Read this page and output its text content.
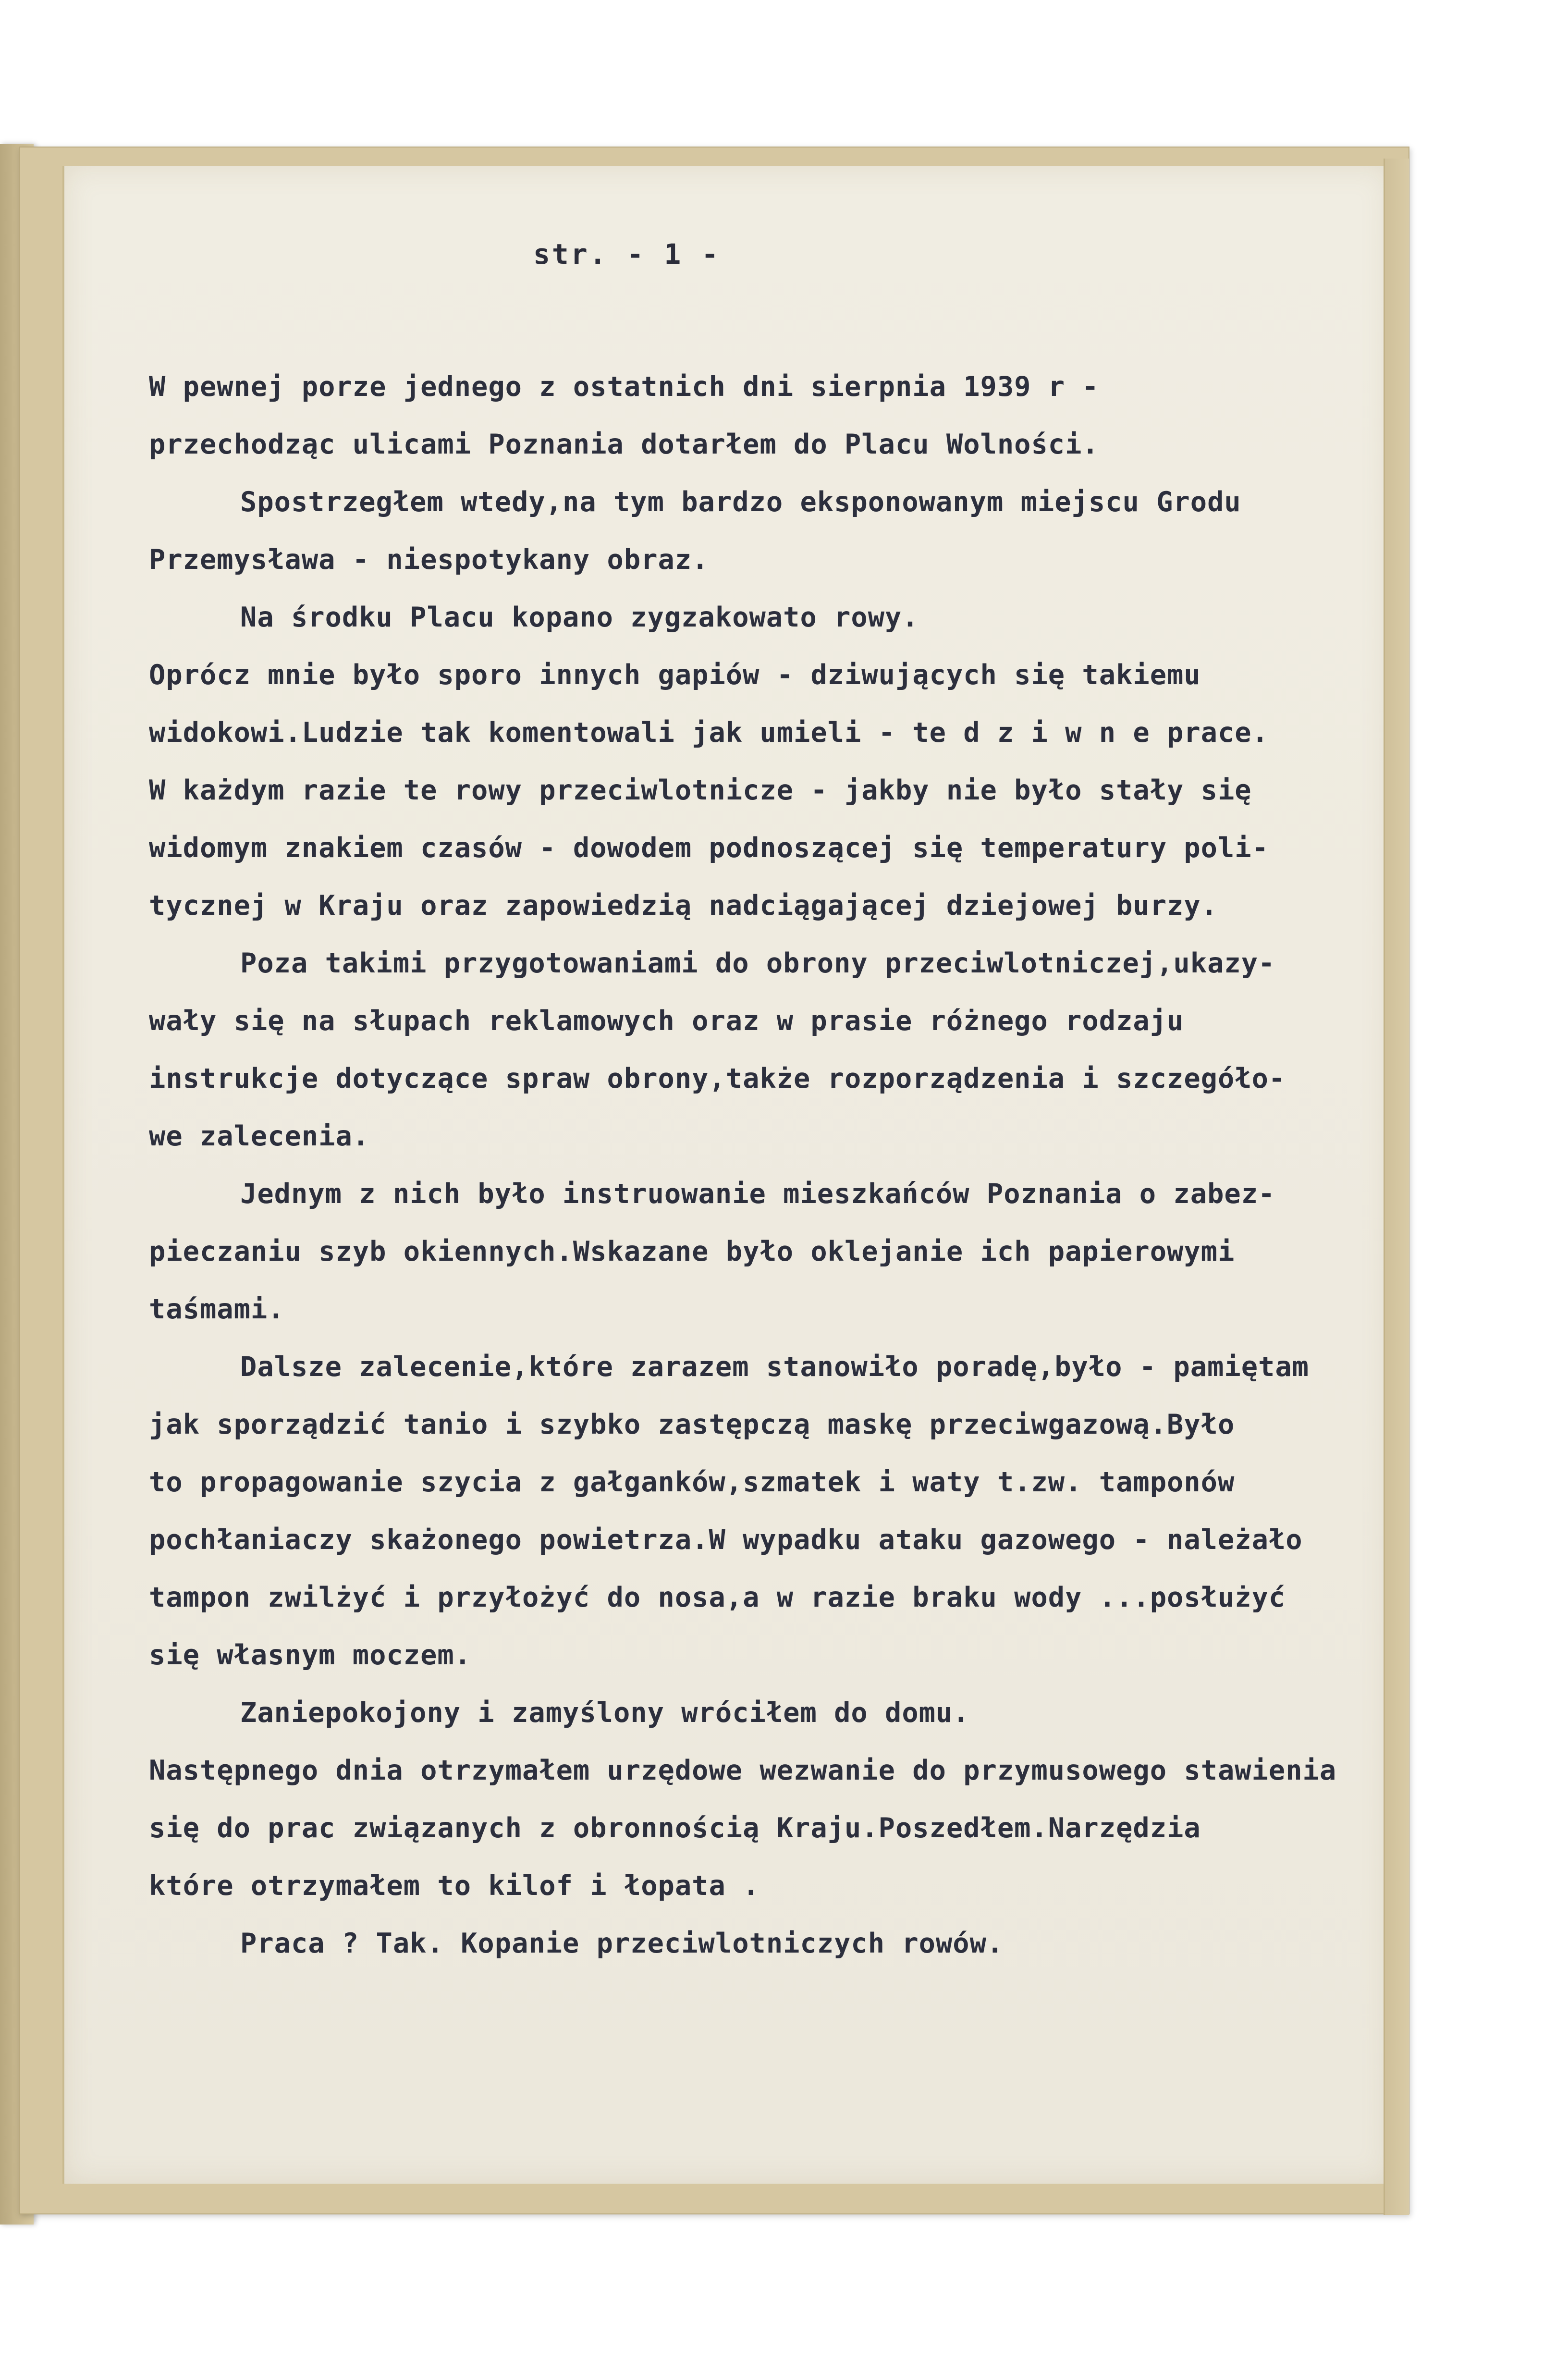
str. - 1 -
W pewnej porze jednego z ostatnich dni sierpnia 1939 r -
przechodząc ulicami Poznania dotarłem do Placu Wolności.
Spostrzegłem wtedy,na tym bardzo eksponowanym miejscu Grodu
Przemysława - niespotykany obraz.
Na środku Placu kopano zygzakowato rowy.
Oprócz mnie było sporo innych gapiów - dziwujących się takiemu
widokowi.Ludzie tak komentowali jak umieli - te d z i w n e prace.
W każdym razie te rowy przeciwlotnicze - jakby nie było stały się
widomym znakiem czasów - dowodem podnoszącej się temperatury poli-
tycznej w Kraju oraz zapowiedzią nadciągającej dziejowej burzy.
Poza takimi przygotowaniami do obrony przeciwlotniczej,ukazy-
wały się na słupach reklamowych oraz w prasie różnego rodzaju
instrukcje dotyczące spraw obrony,także rozporządzenia i szczegóło-
we zalecenia.
Jednym z nich było instruowanie mieszkańców Poznania o zabez-
pieczaniu szyb okiennych.Wskazane było oklejanie ich papierowymi
taśmami.
Dalsze zalecenie,które zarazem stanowiło poradę,było - pamiętam
jak sporządzić tanio i szybko zastępczą maskę przeciwgazową.Było
to propagowanie szycia z gałganków,szmatek i waty t.zw. tamponów
pochłaniaczy skażonego powietrza.W wypadku ataku gazowego - należało
tampon zwilżyć i przyłożyć do nosa,a w razie braku wody ...posłużyć
się własnym moczem.
Zaniepokojony i zamyślony wróciłem do domu.
Następnego dnia otrzymałem urzędowe wezwanie do przymusowego stawienia
się do prac związanych z obronnością Kraju.Poszedłem.Narzędzia
które otrzymałem to kilof i łopata .
Praca ? Tak. Kopanie przeciwlotniczych rowów.
